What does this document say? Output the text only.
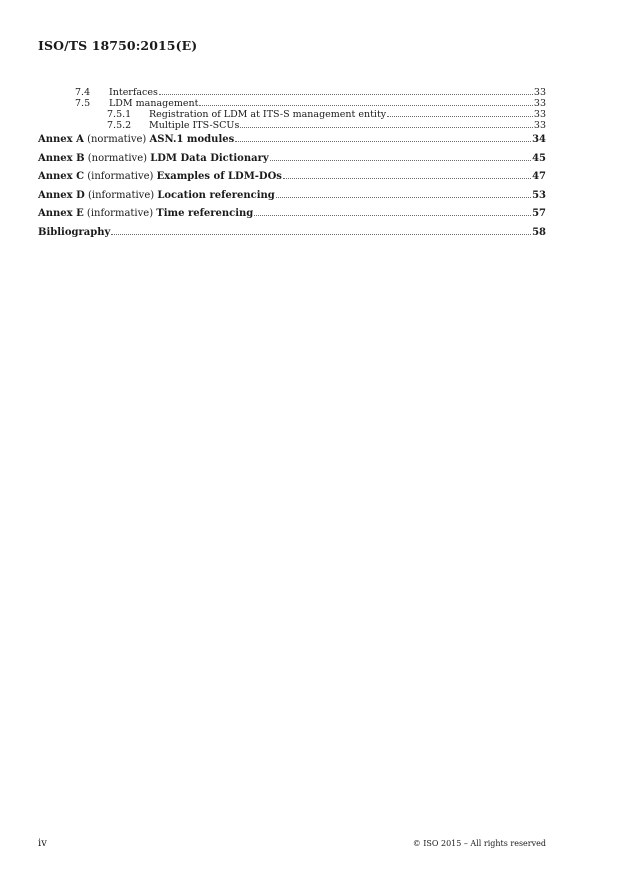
ISO/TS 18750:2015(E)
7.4	Interfaces	33
7.5	LDM management	33
7.5.1	Registration of LDM at ITS-S management entity	33
7.5.2	Multiple ITS-SCUs	33
Annex A (normative) ASN.1 modules	34
Annex B (normative) LDM Data Dictionary	45
Annex C (informative) Examples of LDM-DOs	47
Annex D (informative) Location referencing	53
Annex E (informative) Time referencing	57
Bibliography	58
iv	© ISO 2015 – All rights reserved
